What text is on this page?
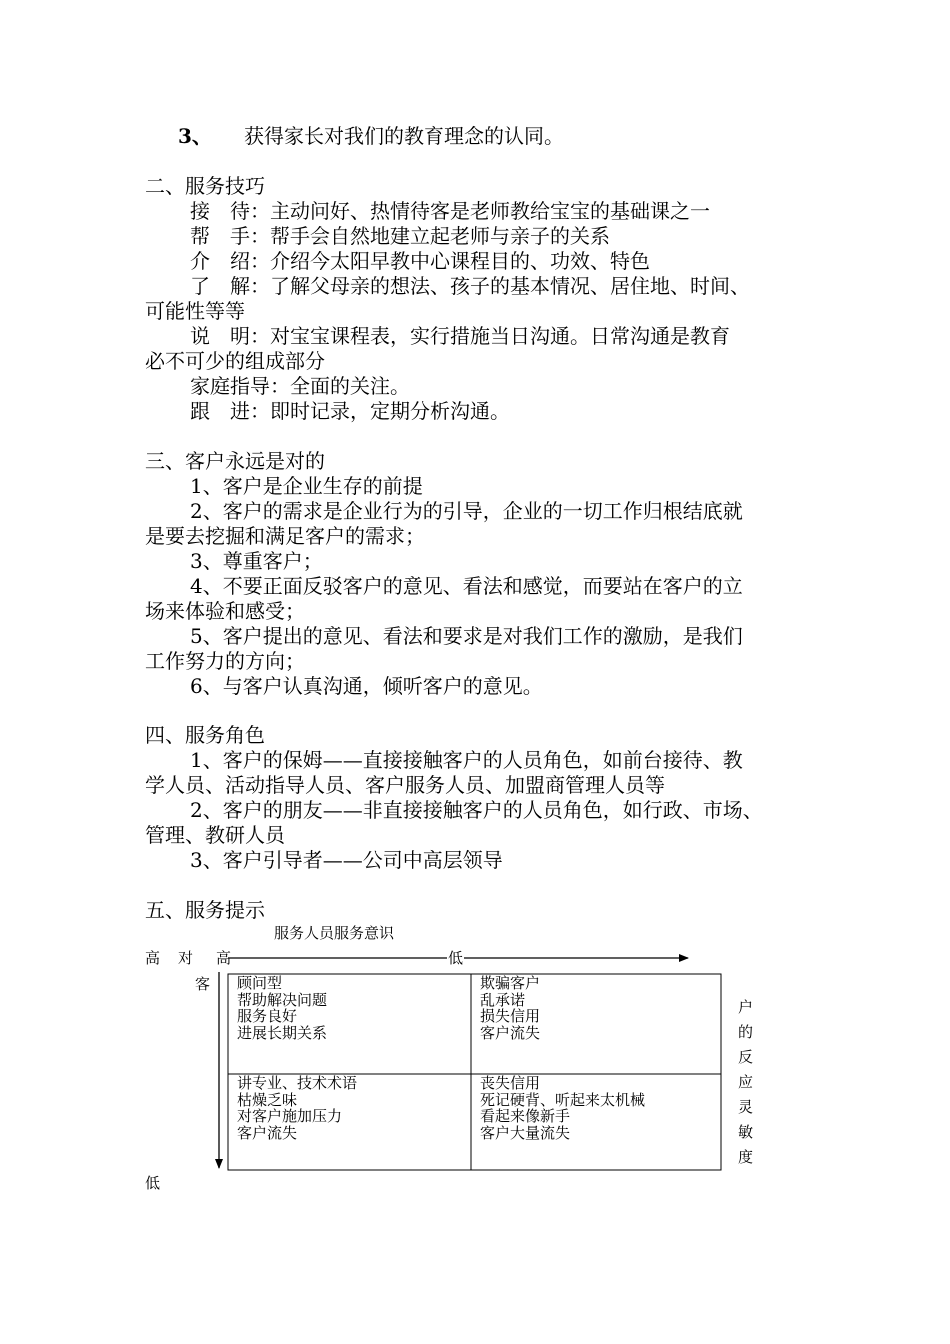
3、 获得家长对我们的教育理念的认同。
二、服务技巧
接　待：主动问好、热情待客是老师教给宝宝的基础课之一
帮　手：帮手会自然地建立起老师与亲子的关系
介　绍：介绍今太阳早教中心课程目的、功效、特色
了　解：了解父母亲的想法、孩子的基本情况、居住地、时间、
可能性等等
说　明：对宝宝课程表，实行措施当日沟通。日常沟通是教育
必不可少的组成部分
家庭指导：全面的关注。
跟　进：即时记录，定期分析沟通。
三、客户永远是对的
1、客户是企业生存的前提
2、客户的需求是企业行为的引导，企业的一切工作归根结底就
是要去挖掘和满足客户的需求；
3、尊重客户；
4、不要正面反驳客户的意见、看法和感觉，而要站在客户的立
场来体验和感受；
5、客户提出的意见、看法和要求是对我们工作的激励，是我们
工作努力的方向；
6、与客户认真沟通，倾听客户的意见。
四、服务角色
1、客户的保姆——直接接触客户的人员角色，如前台接待、教
学人员、活动指导人员、客户服务人员、加盟商管理人员等
2、客户的朋友——非直接接触客户的人员角色，如行政、市场、
管理、教研人员
3、客户引导者——公司中高层领导
五、服务提示
服务人员服务意识
高 对 高	低
客
低
户
的
反
应
灵
敏
度
顾问型
帮助解决问题
服务良好
进展长期关系
欺骗客户
乱承诺
损失信用
客户流失
讲专业、技术术语
枯燥乏味
对客户施加压力
客户流失
丧失信用
死记硬背、听起来太机械
看起来像新手
客户大量流失
